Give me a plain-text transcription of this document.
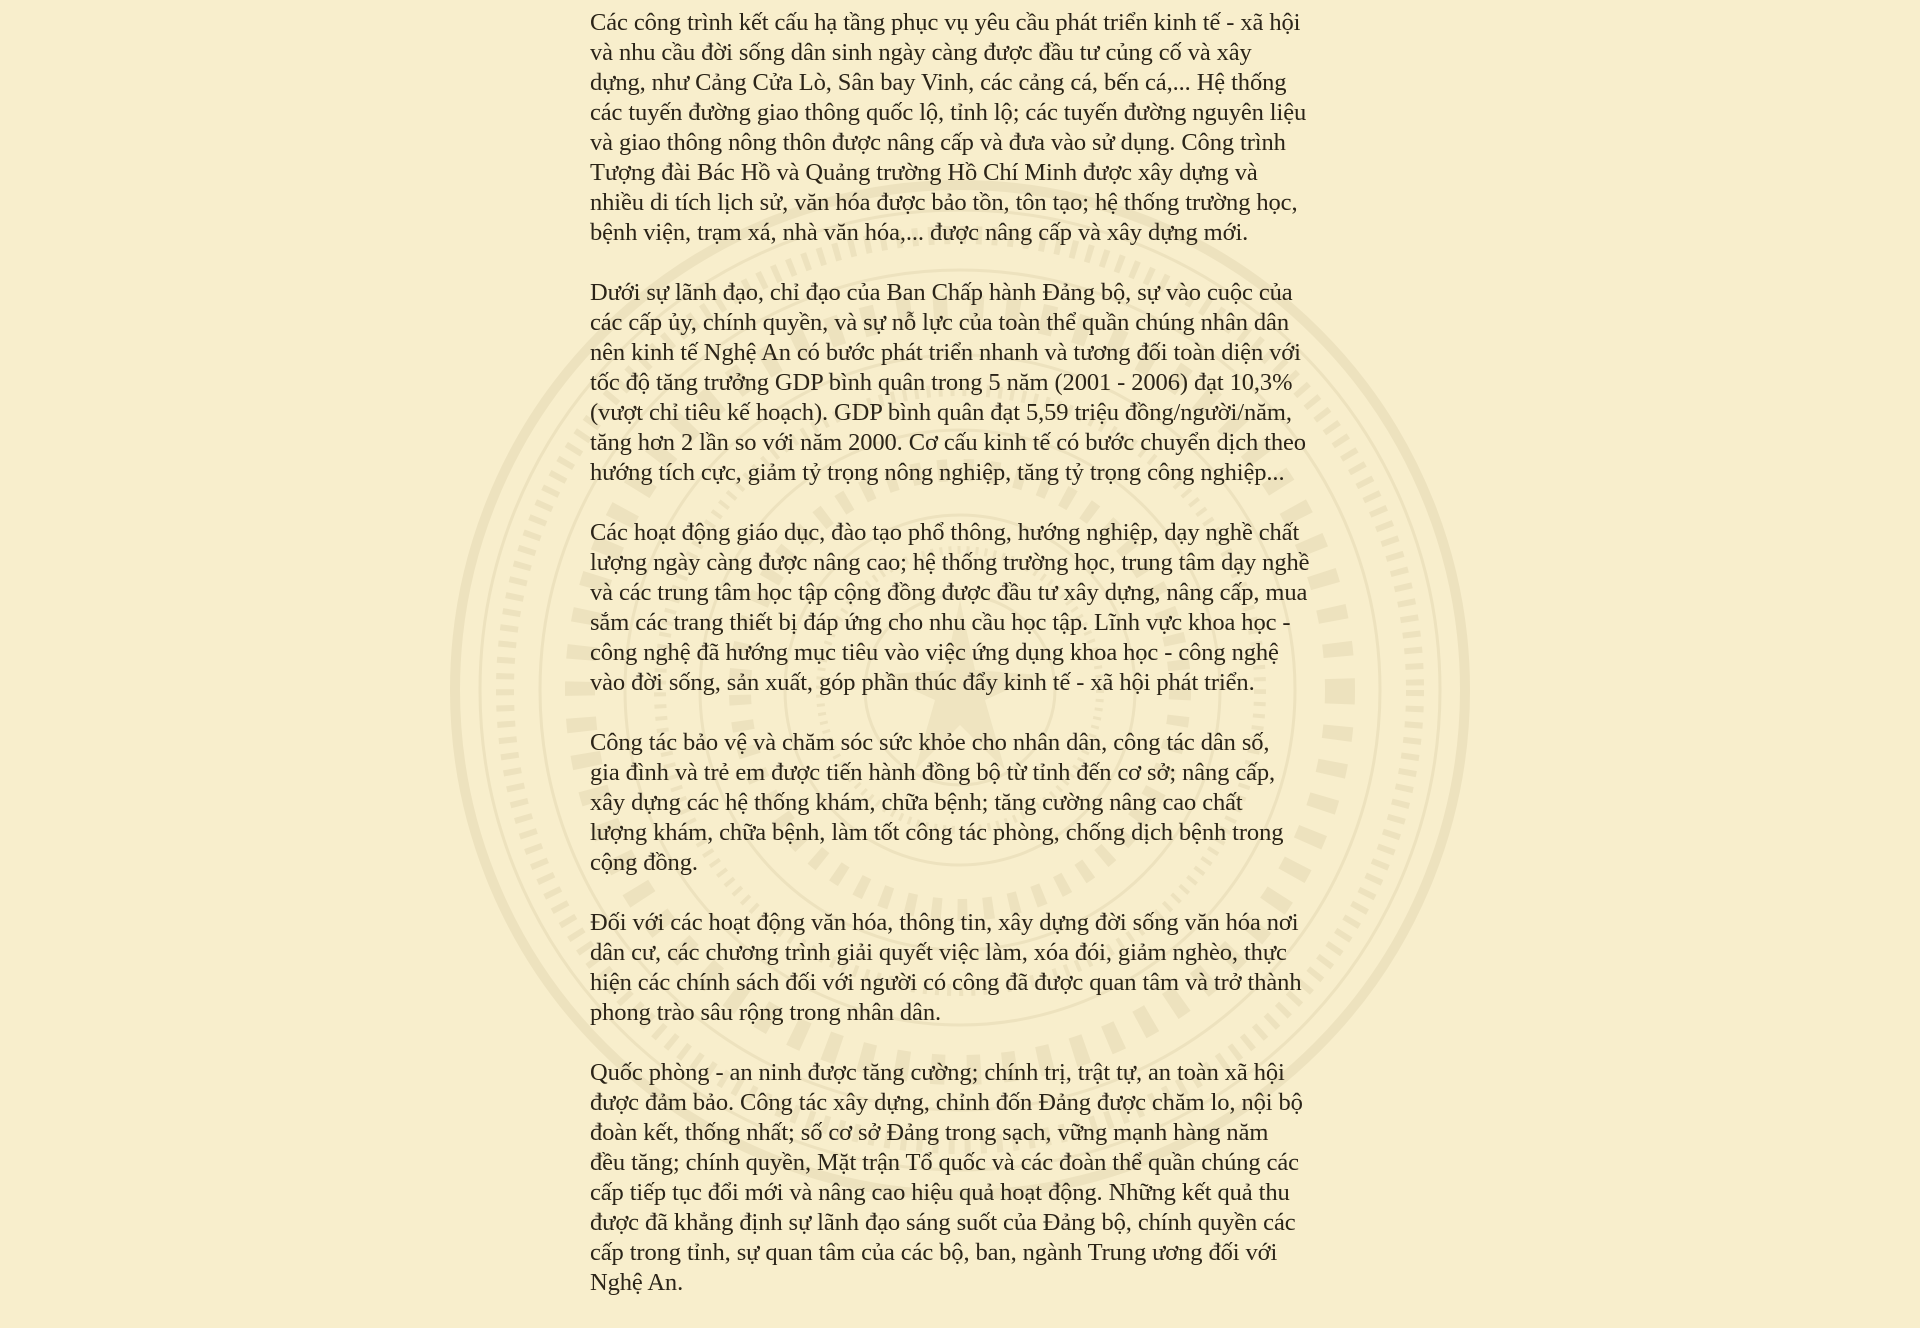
Các công trình kết cấu hạ tầng phục vụ yêu cầu phát triển kinh tế - xã hội
và nhu cầu đời sống dân sinh ngày càng được đầu tư củng cố và xây
dựng, như Cảng Cửa Lò, Sân bay Vinh, các cảng cá, bến cá,... Hệ thống
các tuyến đường giao thông quốc lộ, tỉnh lộ; các tuyến đường nguyên liệu
và giao thông nông thôn được nâng cấp và đưa vào sử dụng. Công trình
Tượng đài Bác Hồ và Quảng trường Hồ Chí Minh được xây dựng và
nhiều di tích lịch sử, văn hóa được bảo tồn, tôn tạo; hệ thống trường học,
bệnh viện, trạm xá, nhà văn hóa,... được nâng cấp và xây dựng mới.

Dưới sự lãnh đạo, chỉ đạo của Ban Chấp hành Đảng bộ, sự vào cuộc của
các cấp ủy, chính quyền, và sự nỗ lực của toàn thể quần chúng nhân dân
nên kinh tế Nghệ An có bước phát triển nhanh và tương đối toàn diện với
tốc độ tăng trưởng GDP bình quân trong 5 năm (2001 - 2006) đạt 10,3%
(vượt chỉ tiêu kế hoạch). GDP bình quân đạt 5,59 triệu đồng/người/năm,
tăng hơn 2 lần so với năm 2000. Cơ cấu kinh tế có bước chuyển dịch theo
hướng tích cực, giảm tỷ trọng nông nghiệp, tăng tỷ trọng công nghiệp...

Các hoạt động giáo dục, đào tạo phổ thông, hướng nghiệp, dạy nghề chất
lượng ngày càng được nâng cao; hệ thống trường học, trung tâm dạy nghề
và các trung tâm học tập cộng đồng được đầu tư xây dựng, nâng cấp, mua
sắm các trang thiết bị đáp ứng cho nhu cầu học tập. Lĩnh vực khoa học -
công nghệ đã hướng mục tiêu vào việc ứng dụng khoa học - công nghệ
vào đời sống, sản xuất, góp phần thúc đẩy kinh tế - xã hội phát triển.

Công tác bảo vệ và chăm sóc sức khỏe cho nhân dân, công tác dân số,
gia đình và trẻ em được tiến hành đồng bộ từ tỉnh đến cơ sở; nâng cấp,
xây dựng các hệ thống khám, chữa bệnh; tăng cường nâng cao chất
lượng khám, chữa bệnh, làm tốt công tác phòng, chống dịch bệnh trong
cộng đồng.

Đối với các hoạt động văn hóa, thông tin, xây dựng đời sống văn hóa nơi
dân cư, các chương trình giải quyết việc làm, xóa đói, giảm nghèo, thực
hiện các chính sách đối với người có công đã được quan tâm và trở thành
phong trào sâu rộng trong nhân dân.

Quốc phòng - an ninh được tăng cường; chính trị, trật tự, an toàn xã hội
được đảm bảo. Công tác xây dựng, chỉnh đốn Đảng được chăm lo, nội bộ
đoàn kết, thống nhất; số cơ sở Đảng trong sạch, vững mạnh hàng năm
đều tăng; chính quyền, Mặt trận Tổ quốc và các đoàn thể quần chúng các
cấp tiếp tục đổi mới và nâng cao hiệu quả hoạt động. Những kết quả thu
được đã khẳng định sự lãnh đạo sáng suốt của Đảng bộ, chính quyền các
cấp trong tỉnh, sự quan tâm của các bộ, ban, ngành Trung ương đối với
Nghệ An.
